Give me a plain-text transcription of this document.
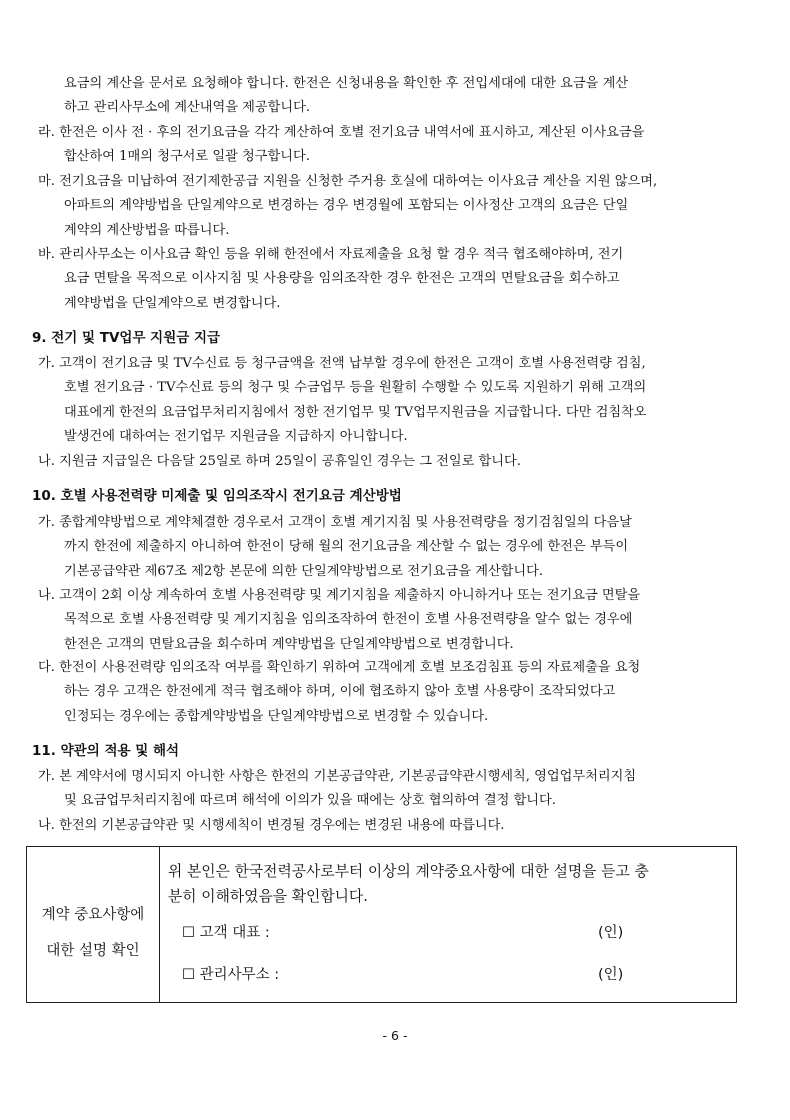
요금의 계산을 문서로 요청해야 합니다. 한전은 신청내용을 확인한 후 전입세대에 대한 요금을 계산
하고 관리사무소에 계산내역을 제공합니다.
라. 한전은 이사 전 · 후의 전기요금을 각각 계산하여 호별 전기요금 내역서에 표시하고, 계산된 이사요금을
합산하여 1매의 청구서로 일괄 청구합니다.
마. 전기요금을 미납하여 전기제한공급 지원을 신청한 주거용 호실에 대하여는 이사요금 계산을 지원 않으며,
아파트의 계약방법을 단일계약으로 변경하는 경우 변경월에 포함되는 이사정산 고객의 요금은 단일
계약의 계산방법을 따릅니다.
바. 관리사무소는 이사요금 확인 등을 위해 한전에서 자료제출을 요청 할 경우 적극 협조해야하며, 전기
요금 면탈을 목적으로 이사지침 및 사용량을 임의조작한 경우 한전은 고객의 면탈요금을 회수하고
계약방법을 단일계약으로 변경합니다.
9. 전기 및 TV업무 지원금 지급
가. 고객이 전기요금 및 TV수신료 등 청구금액을 전액 납부할 경우에 한전은 고객이 호별 사용전력량 검침,
호별 전기요금 · TV수신료 등의 청구 및 수금업무 등을 원활히 수행할 수 있도록 지원하기 위해 고객의
대표에게 한전의 요금업무처리지침에서 정한 전기업무 및 TV업무지원금을 지급합니다. 다만 검침착오
발생건에 대하여는 전기업무 지원금을 지급하지 아니합니다.
나. 지원금 지급일은 다음달 25일로 하며 25일이 공휴일인 경우는 그 전일로 합니다.
10. 호별 사용전력량 미제출 및 임의조작시 전기요금 계산방법
가. 종합계약방법으로 계약체결한 경우로서 고객이 호별 계기지침 및 사용전력량을 정기검침일의 다음날
까지 한전에 제출하지 아니하여 한전이 당해 월의 전기요금을 계산할 수 없는 경우에 한전은 부득이
기본공급약관 제67조 제2항 본문에 의한 단일계약방법으로 전기요금을 계산합니다.
나. 고객이 2회 이상 계속하여 호별 사용전력량 및 계기지침을 제출하지 아니하거나 또는 전기요금 면탈을
목적으로 호별 사용전력량 및 계기지침을 임의조작하여 한전이 호별 사용전력량을 알수 없는 경우에
한전은 고객의 면탈요금을 회수하며 계약방법을 단일계약방법으로 변경합니다.
다. 한전이 사용전력량 임의조작 여부를 확인하기 위하여 고객에게 호별 보조검침표 등의 자료제출을 요청
하는 경우 고객은 한전에게 적극 협조해야 하며, 이에 협조하지 않아 호별 사용량이 조작되었다고
인정되는 경우에는 종합계약방법을 단일계약방법으로 변경할 수 있습니다.
11. 약관의 적용 및 해석
가. 본 계약서에 명시되지 아니한 사항은 한전의 기본공급약관, 기본공급약관시행세칙, 영업업무처리지침
및 요금업무처리지침에 따르며 해석에 이의가 있을 때에는 상호 협의하여 결정 합니다.
나. 한전의 기본공급약관 및 시행세칙이 변경될 경우에는 변경된 내용에 따릅니다.
계약 중요사항에
대한 설명 확인

위 본인은 한국전력공사로부터 이상의 계약중요사항에 대한 설명을 듣고 충
분히 이해하였음을 확인합니다.
☐ 고객 대표 :	(인)
☐ 관리사무소 :	(인)
- 6 -
